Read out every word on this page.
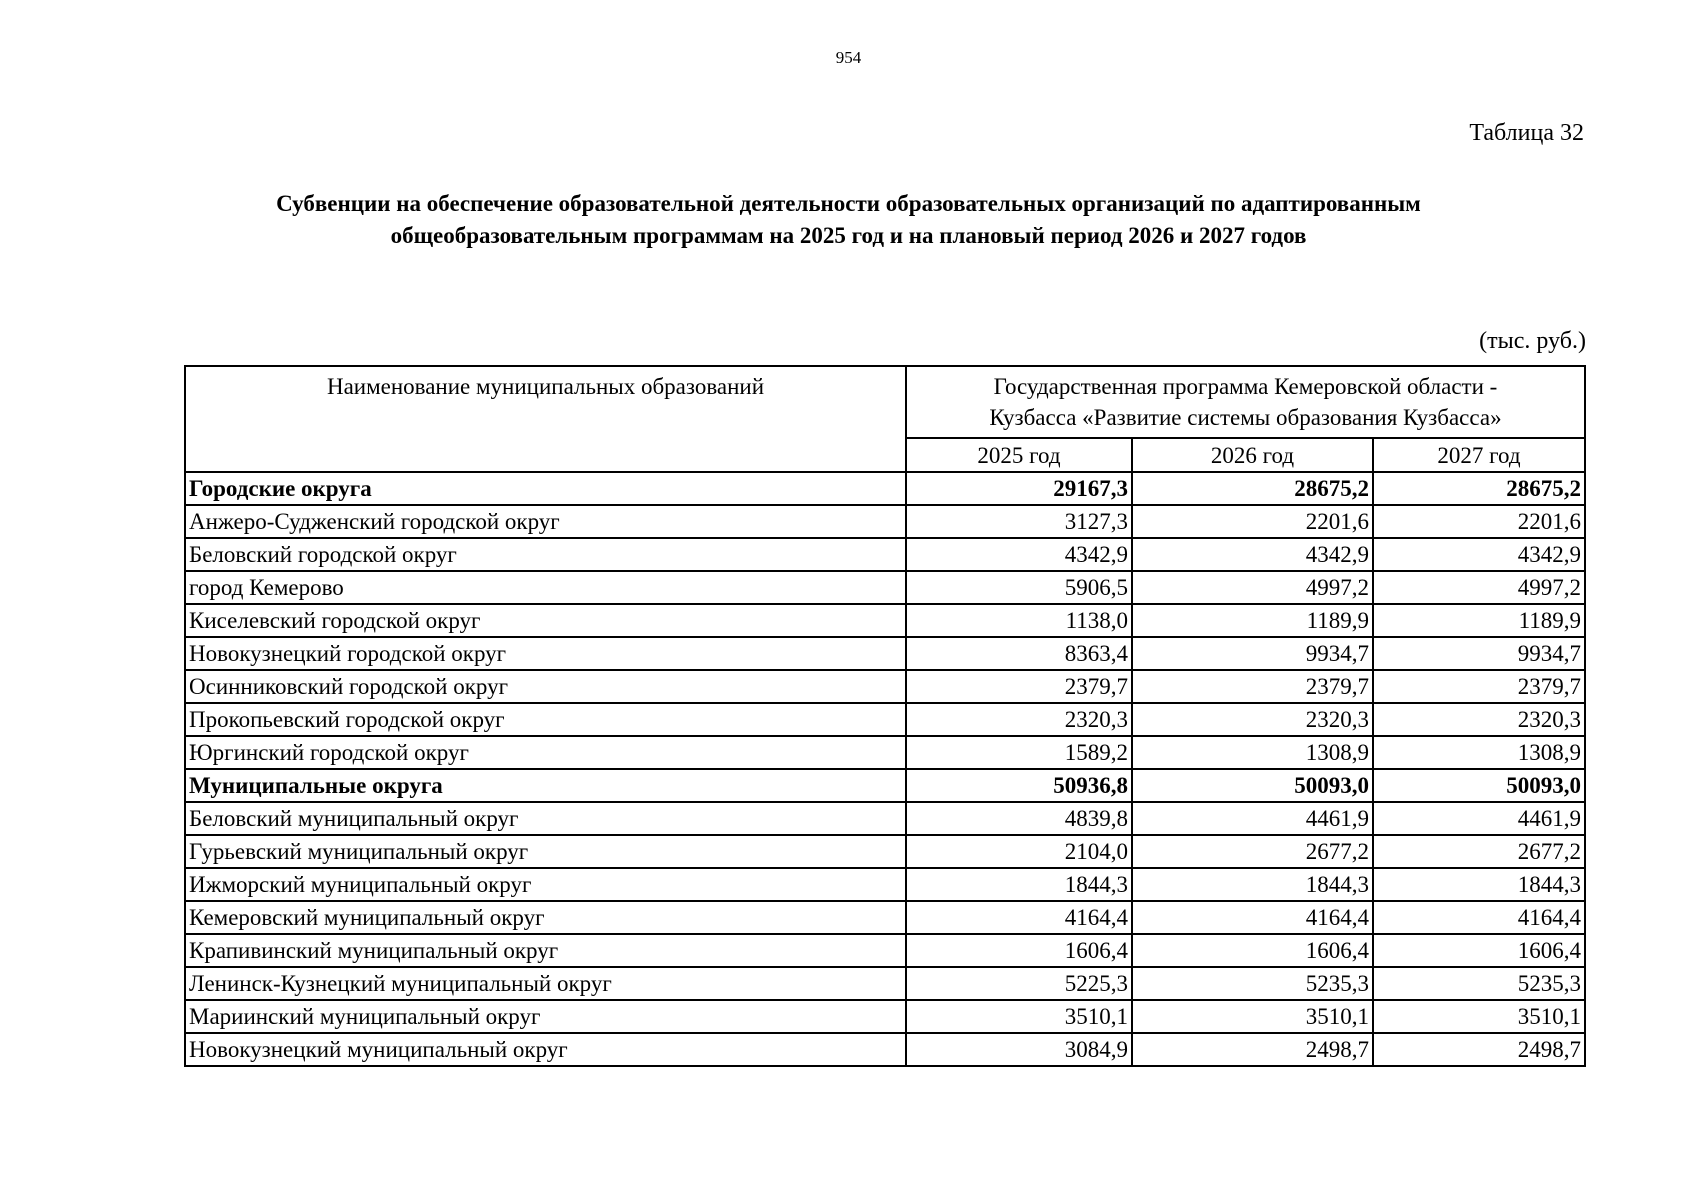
954
Таблица 32
Субвенции на обеспечение образовательной деятельности образовательных организаций по адаптированным
общеобразовательным программам на 2025 год и на плановый период 2026 и 2027 годов
(тыс. руб.)
Наименование муниципальных образований	Государственная программа Кемеровской области -
Кузбасса «Развитие системы образования Кузбасса»		

	2025 год	2026 год	2027 год
Городские округа	29167,3	28675,2	28675,2
Анжеро-Судженский городской округ	3127,3	2201,6	2201,6
Беловский городской округ	4342,9	4342,9	4342,9
город Кемерово	5906,5	4997,2	4997,2
Киселевский городской округ	1138,0	1189,9	1189,9
Новокузнецкий городской округ	8363,4	9934,7	9934,7
Осинниковский городской округ	2379,7	2379,7	2379,7
Прокопьевский городской округ	2320,3	2320,3	2320,3
Юргинский городской округ	1589,2	1308,9	1308,9
Муниципальные округа	50936,8	50093,0	50093,0
Беловский муниципальный округ	4839,8	4461,9	4461,9
Гурьевский муниципальный округ	2104,0	2677,2	2677,2
Ижморский муниципальный округ	1844,3	1844,3	1844,3
Кемеровский муниципальный округ	4164,4	4164,4	4164,4
Крапивинский муниципальный округ	1606,4	1606,4	1606,4
Ленинск-Кузнецкий муниципальный округ	5225,3	5235,3	5235,3
Мариинский муниципальный округ	3510,1	3510,1	3510,1
Новокузнецкий муниципальный округ	3084,9	2498,7	2498,7
